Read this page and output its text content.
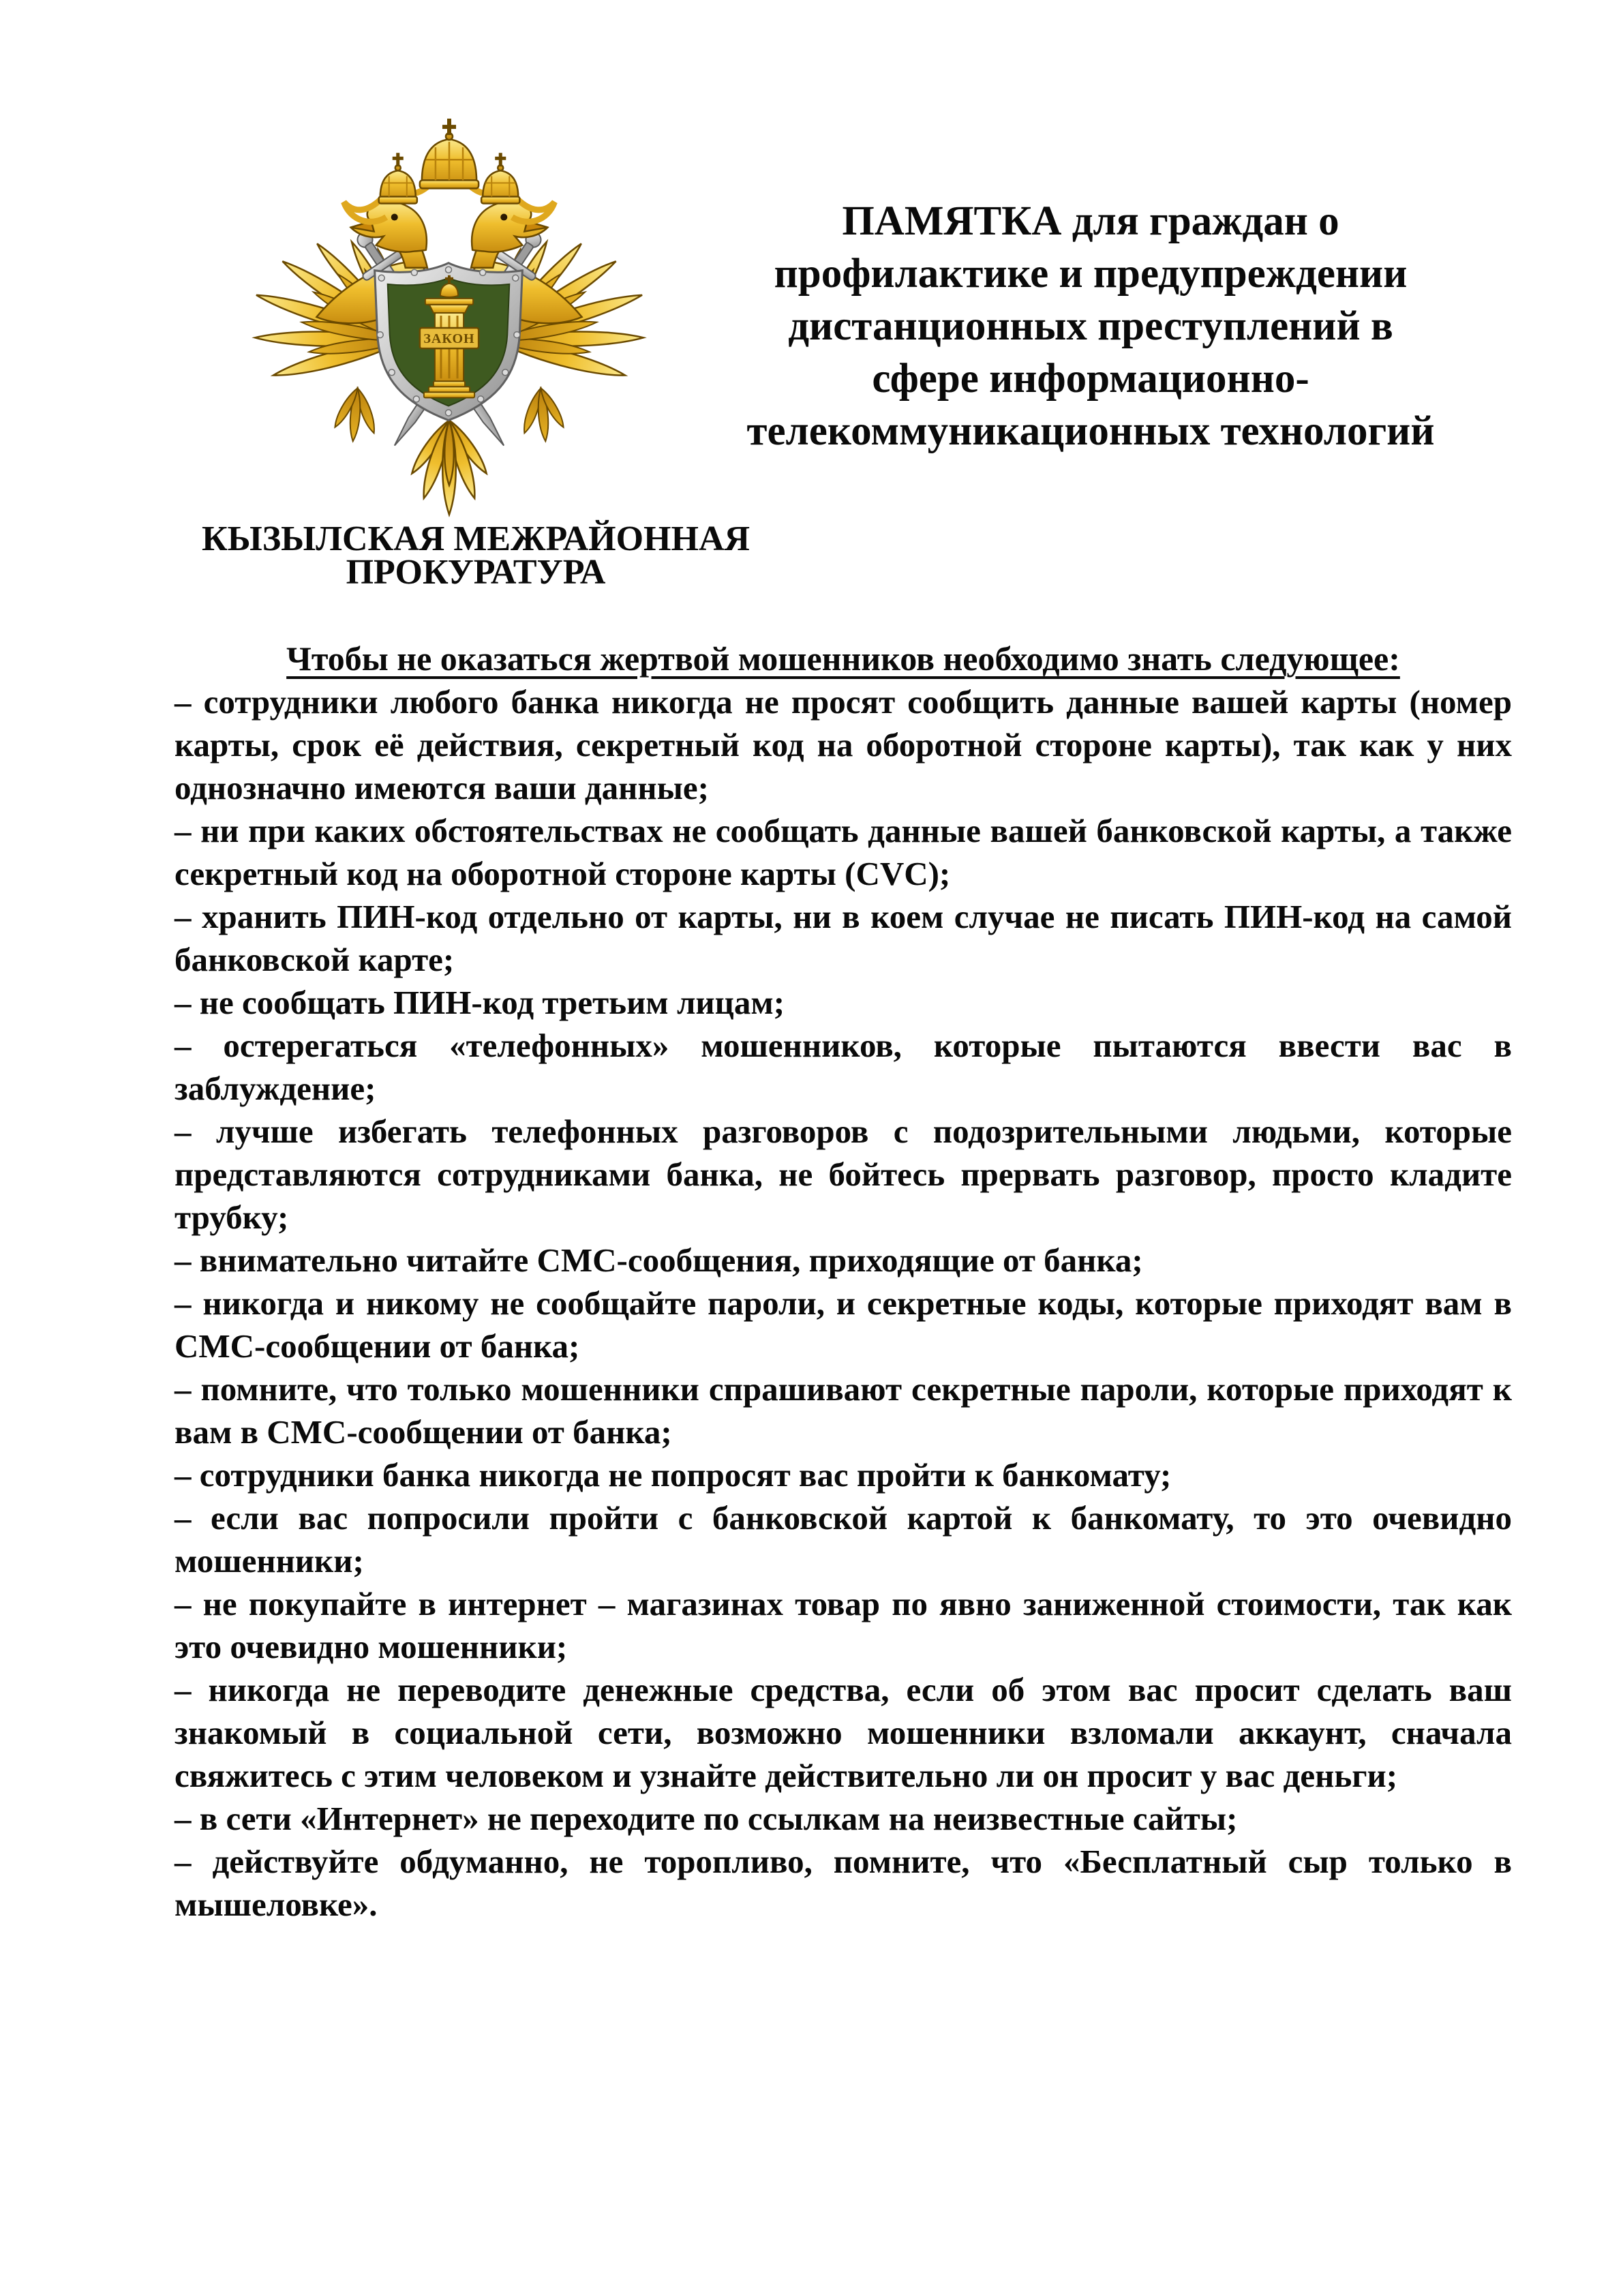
ЗАКОН
ПАМЯТКА для граждан о
профилактике и предупреждении
дистанционных преступлений в
сфере информационно-
телекоммуникационных технологий
КЫЗЫЛСКАЯ МЕЖРАЙОННАЯ
ПРОКУРАТУРА

Чтобы не оказаться жертвой мошенников необходимо знать следующее:

– сотрудники любого банка никогда не просят сообщить данные вашей карты (номер карты, срок её действия, секретный код на оборотной стороне карты), так как у них однозначно имеются ваши данные;

– ни при каких обстоятельствах не сообщать данные вашей банковской карты, а также секретный код на оборотной стороне карты (CVC);

– хранить ПИН-код отдельно от карты, ни в коем случае не писать ПИН-код на самой банковской карте;

– не сообщать ПИН-код третьим лицам;

– остерегаться «телефонных» мошенников, которые пытаются ввести вас в заблуждение;

– лучше избегать телефонных разговоров с подозрительными людьми, которые представляются сотрудниками банка, не бойтесь прервать разговор, просто кладите трубку;

– внимательно читайте СМС-сообщения, приходящие от банка;

– никогда и никому не сообщайте пароли, и секретные коды, которые приходят вам в СМС-сообщении от банка;

– помните, что только мошенники спрашивают секретные пароли, которые приходят к вам в СМС-сообщении от банка;

– сотрудники банка никогда не попросят вас пройти к банкомату;

– если вас попросили пройти с банковской картой к банкомату, то это очевидно мошенники;

– не покупайте в интернет – магазинах товар по явно заниженной стоимости, так как это очевидно мошенники;

– никогда не переводите денежные средства, если об этом вас просит сделать ваш знакомый в социальной сети, возможно мошенники взломали аккаунт, сначала свяжитесь с этим человеком и узнайте действительно ли он просит у вас деньги;

– в сети «Интернет» не переходите по ссылкам на неизвестные сайты;

– действуйте обдуманно, не торопливо, помните, что «Бесплатный сыр только в мышеловке».
